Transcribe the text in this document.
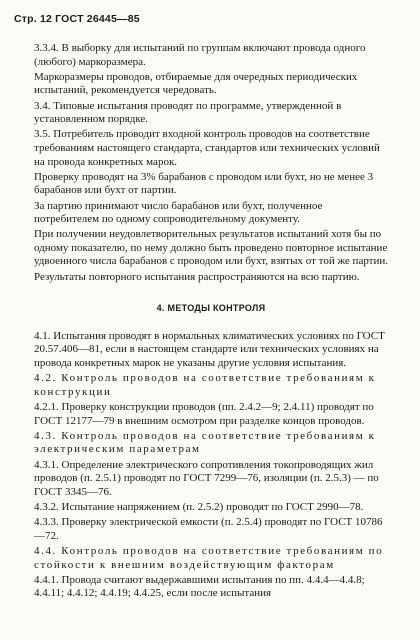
Стр. 12 ГОСТ 26445—85

3.3.4. В выборку для испытаний по группам включают провода одного (любого) маркоразмера.

Маркоразмеры проводов, отбираемые для очередных периодических испытаний, рекомендуется чередовать.

3.4. Типовые испытания проводят по программе, утвержденной в установленном порядке.

3.5. Потребитель проводит входной контроль проводов на соответствие требованиям настоящего стандарта, стандартов или технических условий на провода конкретных марок.

Проверку проводят на 3% барабанов с проводом или бухт, но не менее 3 барабанов или бухт от партии.

За партию принимают число барабанов или бухт, полученное потребителем по одному сопроводительному документу.

При получении неудовлетворительных результатов испытаний хотя бы по одному показателю, по нему должно быть проведено повторное испытание удвоенного числа барабанов с проводом или бухт, взятых от той же партии.

Результаты повторного испытания распространяются на всю партию.

4. МЕТОДЫ КОНТРОЛЯ

4.1. Испытания проводят в нормальных климатических условиях по ГОСТ 20.57.406—81, если в настоящем стандарте или технических условиях на провода конкретных марок не указаны другие условия испытания.

4.2. Контроль проводов на соответствие требованиям к конструкции

4.2.1. Проверку конструкции проводов (пп. 2.4.2—9; 2.4.11) проводят по ГОСТ 12177—79 в внешним осмотром при разделке концов проводов.

4.3. Контроль проводов на соответствие требованиям к электрическим параметрам

4.3.1. Определение электрического сопротивления токопроводящих жил проводов (п. 2.5.1) проводят по ГОСТ 7299—76, изоляции (п. 2.5.3) — по ГОСТ 3345—76.

4.3.2. Испытание напряжением (п. 2.5.2) проводят по ГОСТ 2990—78.

4.3.3. Проверку электрической емкости (п. 2.5.4) проводят по ГОСТ 10786—72.

4.4. Контроль проводов на соответствие требованиям по стойкости к внешним воздействующим факторам

4.4.1. Провода считают выдержавшими испытания по пп. 4.4.4—4.4.8; 4.4.11; 4.4.12; 4.4.19; 4.4.25, если после испытания
